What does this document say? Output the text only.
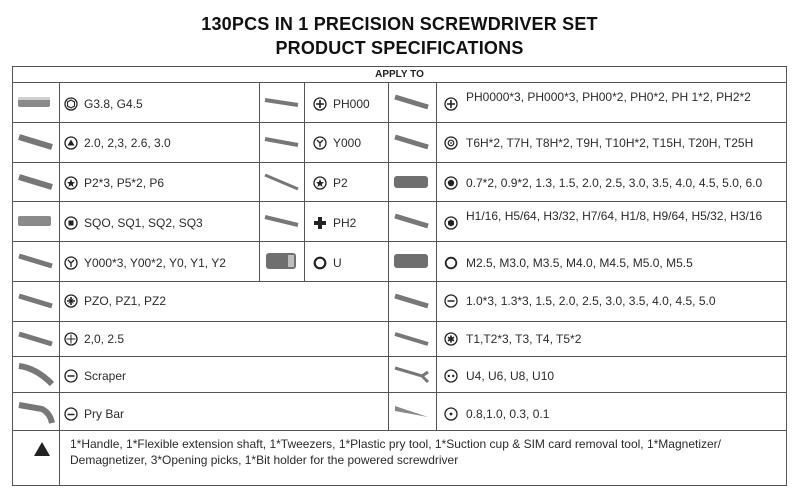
130PCS IN 1 PRECISION SCREWDRIVER SET
PRODUCT SPECIFICATIONS
APPLY TO
G3.8, G4.5	PH000	PH0000*3, PH000*3, PH00*2, PH0*2, PH 1*2, PH2*2
2.0, 2,3, 2.6, 3.0	Y000	T6H*2, T7H, T8H*2, T9H, T10H*2, T15H, T20H, T25H
P2*3, P5*2, P6	P2	0.7*2, 0.9*2, 1.3, 1.5, 2.0, 2.5, 3.0, 3.5, 4.0, 4.5, 5.0, 6.0
SQO, SQ1, SQ2, SQ3	PH2	H1/16, H5/64, H3/32, H7/64, H1/8, H9/64, H5/32, H3/16
Y000*3, Y00*2, Y0, Y1, Y2	U	M2.5, M3.0, M3.5, M4.0, M4.5, M5.0, M5.5
PZO, PZ1, PZ2	1.0*3, 1.3*3, 1.5, 2.0, 2.5, 3.0, 3.5, 4.0, 4.5, 5.0
2,0, 2.5	T1,T2*3, T3, T4, T5*2
Scraper	U4, U6, U8, U10
Pry Bar	0.8,1.0, 0.3, 0.1
1*Handle, 1*Flexible extension shaft, 1*Tweezers, 1*Plastic pry tool, 1*Suction cup & SIM card removal tool, 1*Magnetizer/ Demagnetizer, 3*Opening picks, 1*Bit holder for the powered screwdriver
